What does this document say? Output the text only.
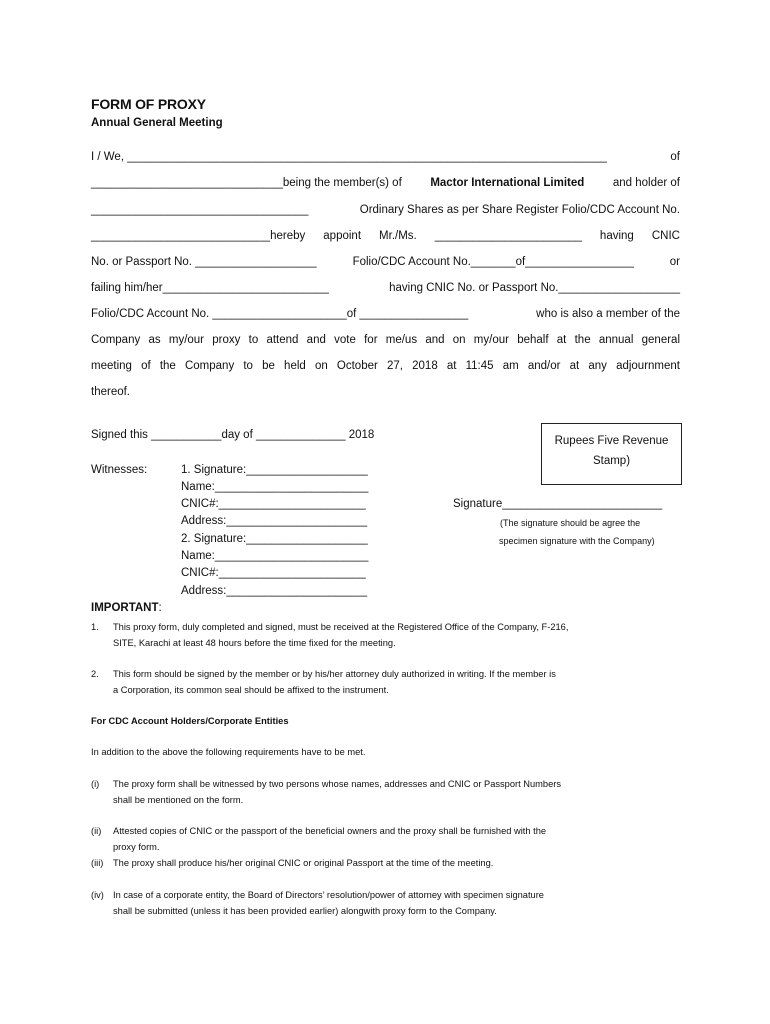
FORM OF PROXY
Annual General Meeting
I / We, ___________________________________________________________________________	of
______________________________being the member(s) of Mactor International Limited and holder of
__________________________________	Ordinary Shares as per Share Register Folio/CDC Account No.
____________________________hereby appoint Mr./Ms. _______________________ having CNIC
No. or Passport No. ___________________	Folio/CDC Account No._______of_________________	or
failing him/her__________________________	having CNIC No. or Passport No.___________________
Folio/CDC Account No. _____________________of _________________	who is also a member of the
Company as my/our proxy to attend and vote for me/us and on my/our behalf at the annual general
meeting of the Company to be held on October 27, 2018 at 11:45 am and/or at any adjournment
thereof.
Signed this ___________day of ______________ 2018	Rupees Five Revenue Stamp)
Witnesses:	1. Signature:___________________
Name:________________________
CNIC#:_______________________
Address:______________________
2. Signature:___________________
Name:________________________
CNIC#:_______________________
Address:______________________
Signature_________________________
(The signature should be agree the
specimen signature with the Company)
IMPORTANT:
1. This proxy form, duly completed and signed, must be received at the Registered Office of the Company, F-216,
SITE, Karachi at least 48 hours before the time fixed for the meeting.
2. This form should be signed by the member or by his/her attorney duly authorized in writing. If the member is
a Corporation, its common seal should be affixed to the instrument.
For CDC Account Holders/Corporate Entities
In addition to the above the following requirements have to be met.
(i) The proxy form shall be witnessed by two persons whose names, addresses and CNIC or Passport Numbers
shall be mentioned on the form.
(ii) Attested copies of CNIC or the passport of the beneficial owners and the proxy shall be furnished with the
proxy form.
(iii) The proxy shall produce his/her original CNIC or original Passport at the time of the meeting.
(iv) In case of a corporate entity, the Board of Directors’ resolution/power of attorney with specimen signature
shall be submitted (unless it has been provided earlier) alongwith proxy form to the Company.
